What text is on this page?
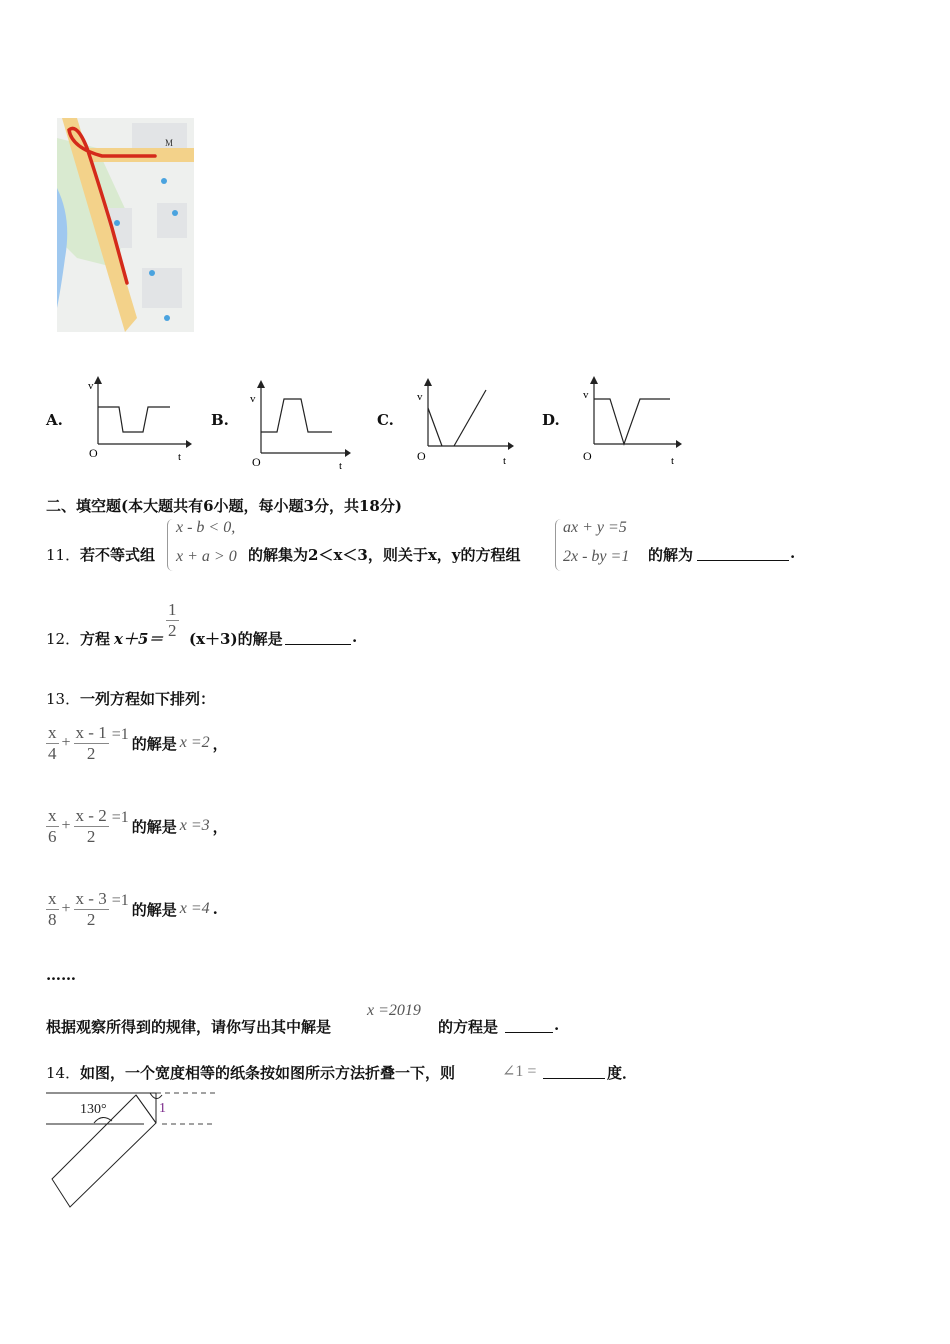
M
A.
v
O	t
B.
v
O	t
C.
v
O	t
D.
v
O	t
二、填空题(本大题共有6小题，每小题3分，共18分)
11． 若不等式组
x - b < 0,
x + a > 0 的解集为2＜x＜3，则关于x，y的方程组
ax + y =5
2x - by =1 的解为	.
12． 方程 x＋5＝
1
2 (x＋3)的解是	.
13． 一列方程如下排列：
$\frac{x}{4} + \frac{x - 1}{2} =1$ 的解是 x =2 ，
$\frac{x}{6} + \frac{x - 2}{2} =1$ 的解是 x =3 ，
$\frac{x}{8} + \frac{x - 3}{2} =1$ 的解是 x =4 .
……
根据观察所得到的规律，请你写出其中解是
x =2019
的方程是	.
14． 如图，一个宽度相等的纸条按如图所示方法折叠一下，则	∠1 =	度．
130°	1
